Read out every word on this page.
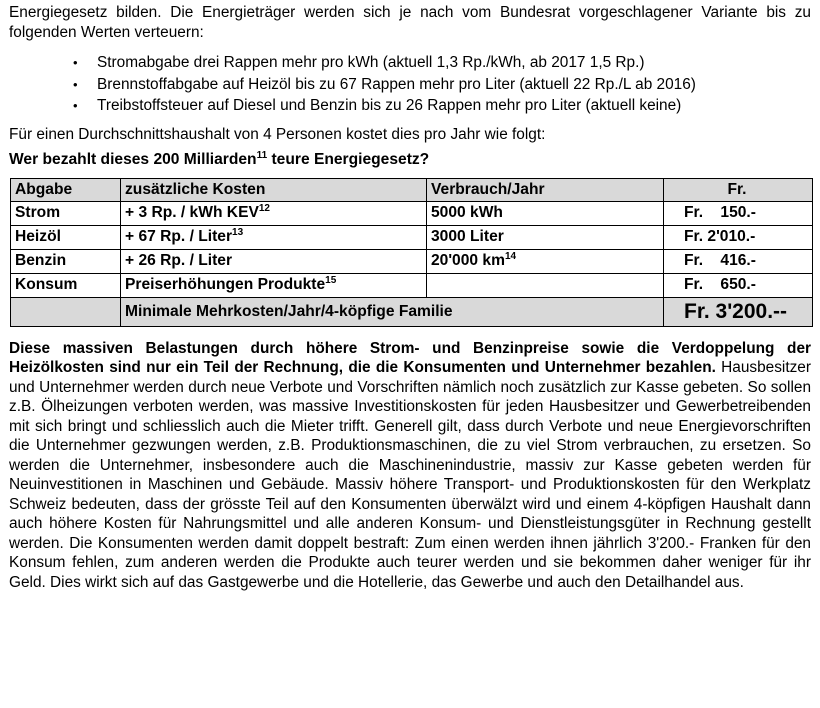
Energiegesetz bilden. Die Energieträger werden sich je nach vom Bundesrat vorgeschlagener Variante bis zu folgenden Werten verteuern:

• Stromabgabe drei Rappen mehr pro kWh (aktuell 1,3 Rp./kWh, ab 2017 1,5 Rp.)
• Brennstoffabgabe auf Heizöl bis zu 67 Rappen mehr pro Liter (aktuell 22 Rp./L ab 2016)
• Treibstoffsteuer auf Diesel und Benzin bis zu 26 Rappen mehr pro Liter (aktuell keine)

Für einen Durchschnittshaushalt von 4 Personen kostet dies pro Jahr wie folgt:

Wer bezahlt dieses 200 Milliarden$^{11}$ teure Energiegesetz?

Abgabe	zusätzliche Kosten	Verbrauch/Jahr	Fr.
Strom	+ 3 Rp. / kWh KEV$^{12}$	5000 kWh	Fr.    150.-
Heizöl	+ 67 Rp. / Liter$^{13}$	3000 Liter	Fr. 2'010.-
Benzin	+ 26 Rp. / Liter	20'000 $km^{14}$	Fr.    416.-
Konsum	Preiserhöhungen Produkte$^{15}$		Fr.    650.-
	Minimale Mehrkosten/Jahr/4-köpfige Familie		Fr. 3'200.--

Diese massiven Belastungen durch höhere Strom- und Benzinpreise sowie die Verdoppelung der Heizölkosten sind nur ein Teil der Rechnung, die die Konsumenten und Unternehmer bezahlen. Hausbesitzer und Unternehmer werden durch neue Verbote und Vorschriften nämlich noch zusätzlich zur Kasse gebeten. So sollen z.B. Ölheizungen verboten werden, was massive Investitionskosten für jeden Hausbesitzer und Gewerbetreibenden mit sich bringt und schliesslich auch die Mieter trifft. Generell gilt, dass durch Verbote und neue Energievorschriften die Unternehmer gezwungen werden, z.B. Produktionsmaschinen, die zu viel Strom verbrauchen, zu ersetzen. So werden die Unternehmer, insbesondere auch die Maschinenindustrie, massiv zur Kasse gebeten werden für Neuinvestitionen in Maschinen und Gebäude. Massiv höhere Transport- und Produktionskosten für den Werkplatz Schweiz bedeuten, dass der grösste Teil auf den Konsumenten überwälzt wird und einem 4-köpfigen Haushalt dann auch höhere Kosten für Nahrungsmittel und alle anderen Konsum- und Dienstleistungsgüter in Rechnung gestellt werden. Die Konsumenten werden damit doppelt bestraft: Zum einen werden ihnen jährlich 3'200.- Franken für den Konsum fehlen, zum anderen werden die Produkte auch teurer werden und sie bekommen daher weniger für ihr Geld. Dies wirkt sich auf das Gastgewerbe und die Hotellerie, das Gewerbe und auch den Detailhandel aus.
